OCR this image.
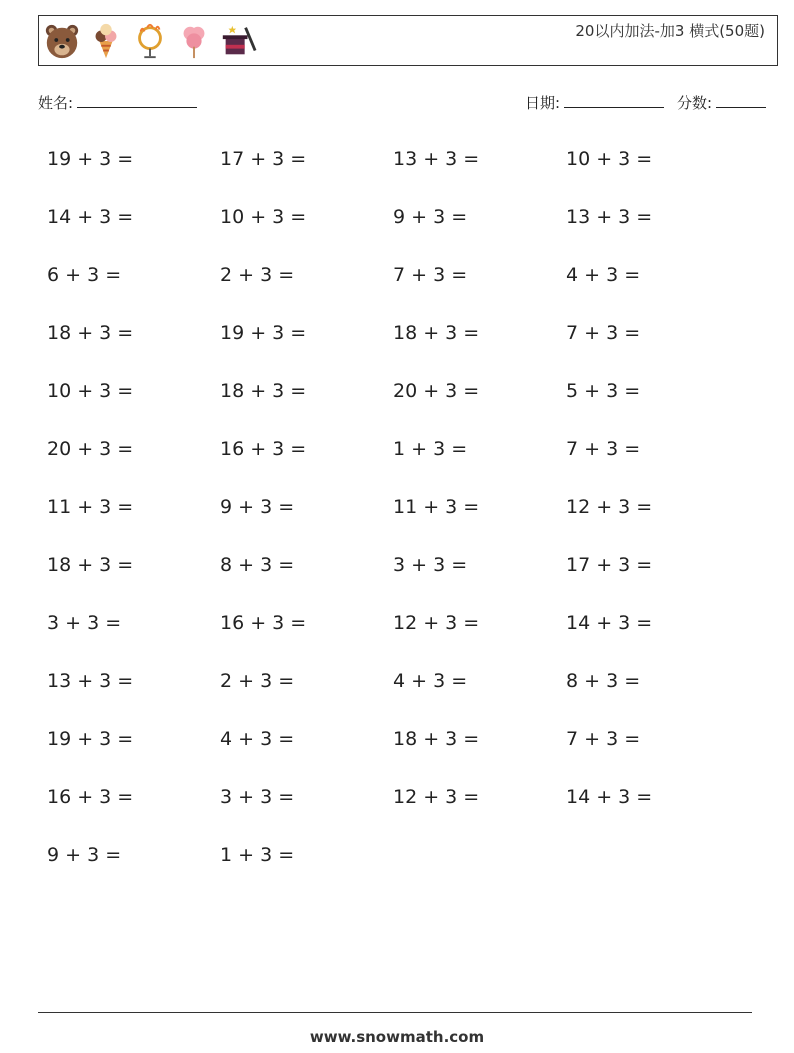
20以内加法-加3 横式(50题)
姓名:	日期:	分数:
19 + 3 =	17 + 3 =	13 + 3 =	10 + 3 =
14 + 3 =	10 + 3 =	9 + 3 =	13 + 3 =
6 + 3 =	2 + 3 =	7 + 3 =	4 + 3 =
18 + 3 =	19 + 3 =	18 + 3 =	7 + 3 =
10 + 3 =	18 + 3 =	20 + 3 =	5 + 3 =
20 + 3 =	16 + 3 =	1 + 3 =	7 + 3 =
11 + 3 =	9 + 3 =	11 + 3 =	12 + 3 =
18 + 3 =	8 + 3 =	3 + 3 =	17 + 3 =
3 + 3 =	16 + 3 =	12 + 3 =	14 + 3 =
13 + 3 =	2 + 3 =	4 + 3 =	8 + 3 =
19 + 3 =	4 + 3 =	18 + 3 =	7 + 3 =
16 + 3 =	3 + 3 =	12 + 3 =	14 + 3 =
9 + 3 =	1 + 3 =
www.snowmath.com
